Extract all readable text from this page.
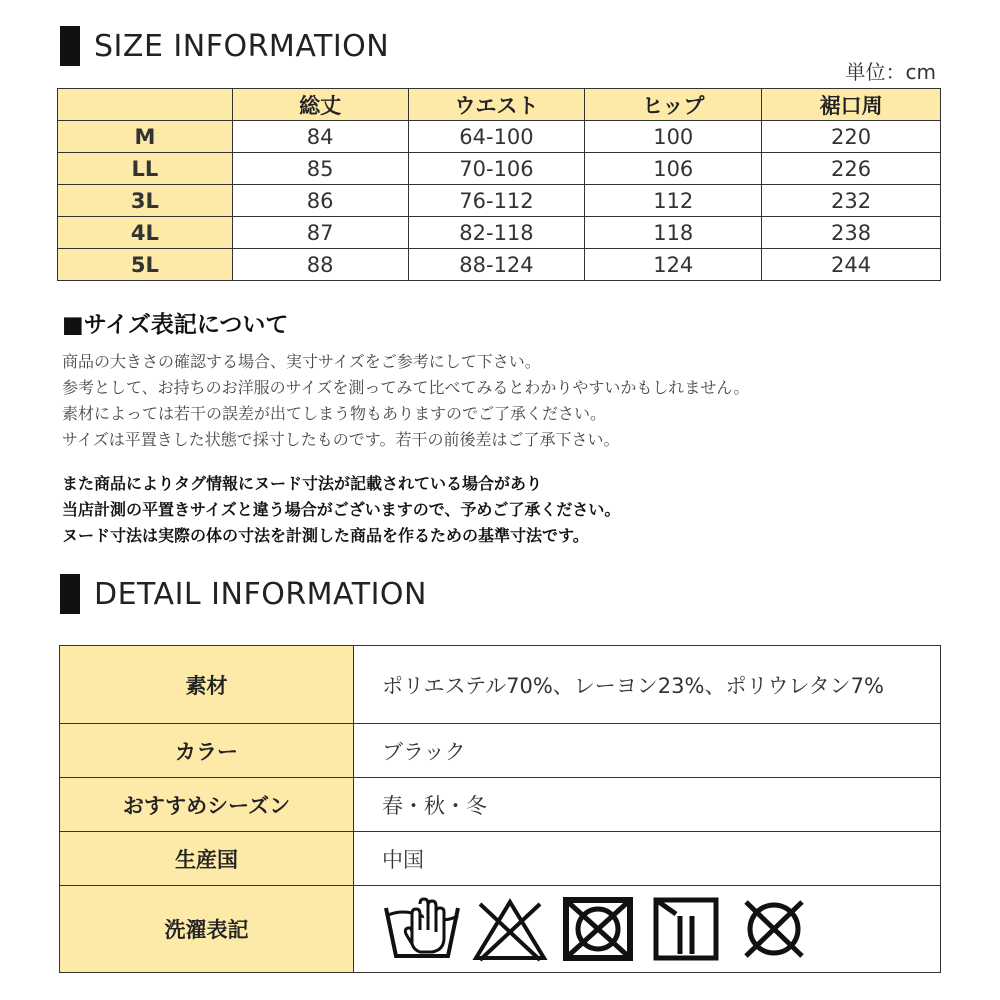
SIZE INFORMATION
単位：cm
	総丈	ウエスト	ヒップ	裾口周
M	84	64-100	100	220
LL	85	70-106	106	226
3L	86	76-112	112	232
4L	87	82-118	118	238
5L	88	88-124	124	244
■サイズ表記について
商品の大きさの確認する場合、実寸サイズをご参考にして下さい。
参考として、お持ちのお洋服のサイズを測ってみて比べてみるとわかりやすいかもしれません。
素材によっては若干の誤差が出てしまう物もありますのでご了承ください。
サイズは平置きした状態で採寸したものです。若干の前後差はご了承下さい。
また商品によりタグ情報にヌード寸法が記載されている場合があり
当店計測の平置きサイズと違う場合がございますので、予めご了承ください。
ヌード寸法は実際の体の寸法を計測した商品を作るための基準寸法です。
DETAIL INFORMATION
素材	ポリエステル70%、レーヨン23%、ポリウレタン7%
カラー	ブラック
おすすめシーズン	春・秋・冬
生産国	中国
洗濯表記	
